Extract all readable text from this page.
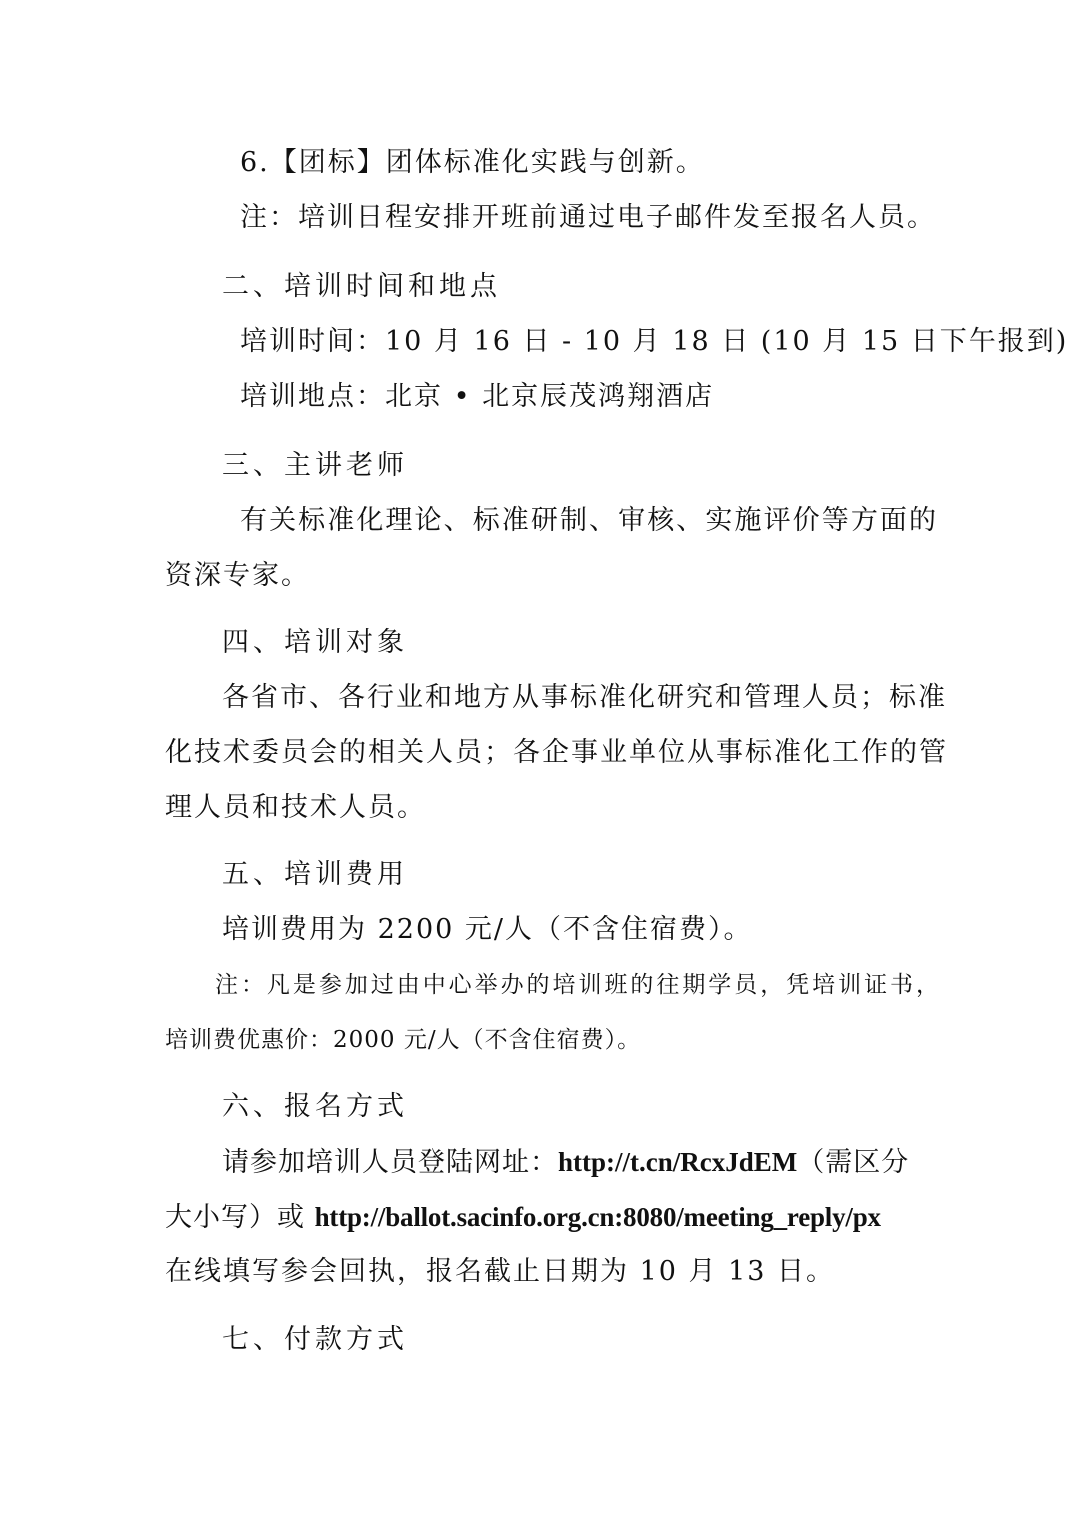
6.【团标】团体标准化实践与创新。
注：培训日程安排开班前通过电子邮件发至报名人员。
二、培训时间和地点
培训时间：10 月 16 日 - 10 月 18 日 (10 月 15 日下午报到)
培训地点：北京 • 北京辰茂鸿翔酒店
三、主讲老师
有关标准化理论、标准研制、审核、实施评价等方面的
资深专家。
四、培训对象
各省市、各行业和地方从事标准化研究和管理人员；标准
化技术委员会的相关人员；各企事业单位从事标准化工作的管
理人员和技术人员。
五、培训费用
培训费用为 2200 元/人（不含住宿费）。
注：凡是参加过由中心举办的培训班的往期学员，凭培训证书，
培训费优惠价：2000 元/人（不含住宿费）。
六、报名方式
请参加培训人员登陆网址：http://t.cn/RcxJdEM（需区分
大小写）或 http://ballot.sacinfo.org.cn:8080/meeting_reply/px
在线填写参会回执，报名截止日期为 10 月 13 日。
七、付款方式
